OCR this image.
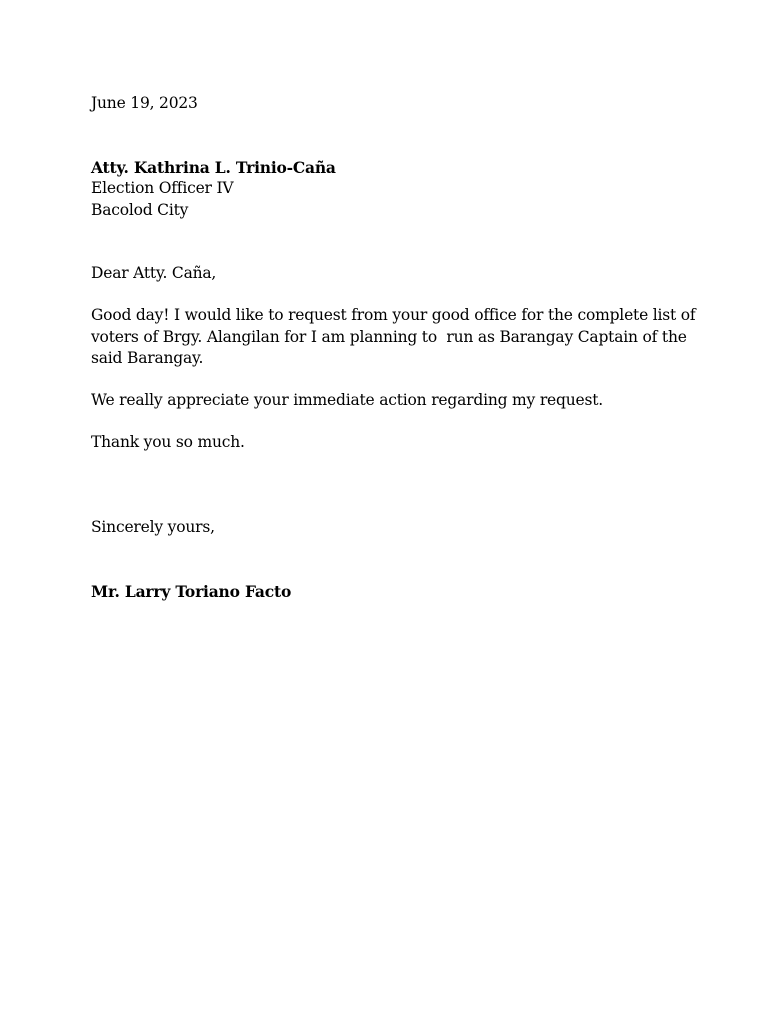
June 19, 2023
Atty. Kathrina L. Trinio-Caña
Election Officer IV
Bacolod City
Dear Atty. Caña,
Good day! I would like to request from your good office for the complete list of
voters of Brgy. Alangilan for I am planning to  run as Barangay Captain of the
said Barangay.
We really appreciate your immediate action regarding my request.
Thank you so much.
Sincerely yours,
Mr. Larry Toriano Facto
